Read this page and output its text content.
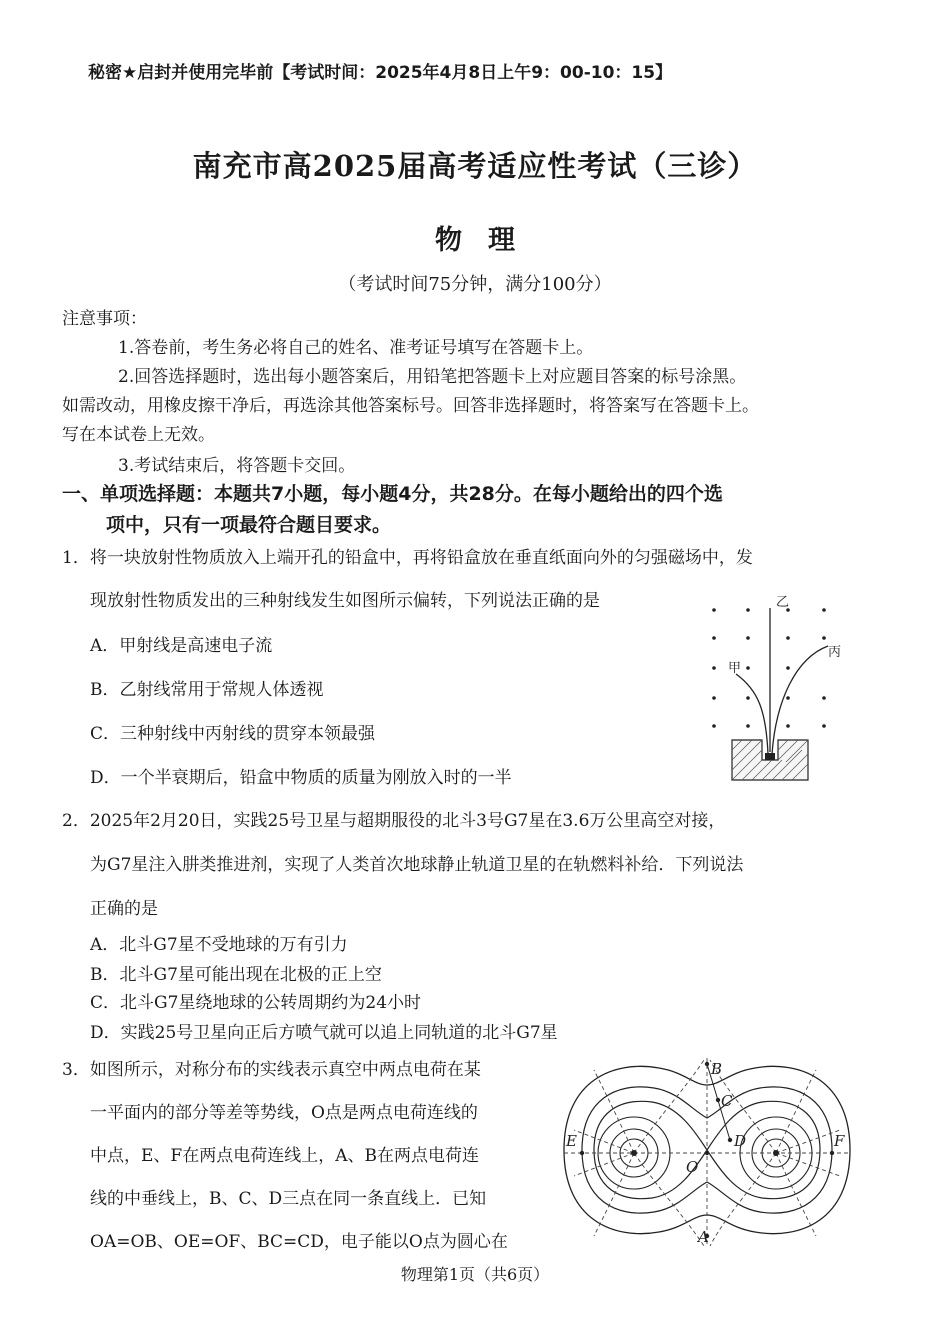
秘密★启封并使用完毕前【考试时间：2025年4月8日上午9：00-10：15】
南充市高2025届高考适应性考试（三诊）
物理
（考试时间75分钟，满分100分）
注意事项：
1.答卷前，考生务必将自己的姓名、准考证号填写在答题卡上。
2.回答选择题时，选出每小题答案后，用铅笔把答题卡上对应题目答案的标号涂黑。
如需改动，用橡皮擦干净后，再选涂其他答案标号。回答非选择题时，将答案写在答题卡上。
写在本试卷上无效。
3.考试结束后，将答题卡交回。
一、单项选择题：本题共7小题，每小题4分，共28分。在每小题给出的四个选
项中，只有一项最符合题目要求。
1．将一块放射性物质放入上端开孔的铅盒中，再将铅盒放在垂直纸面向外的匀强磁场中，发
现放射性物质发出的三种射线发生如图所示偏转，下列说法正确的是
A．甲射线是高速电子流
B．乙射线常用于常规人体透视
C．三种射线中丙射线的贯穿本领最强
D．一个半衰期后，铅盒中物质的质量为刚放入时的一半
甲
乙
丙
2．2025年2月20日，实践25号卫星与超期服役的北斗3号G7星在3.6万公里高空对接，
为G7星注入肼类推进剂，实现了人类首次地球静止轨道卫星的在轨燃料补给．下列说法
正确的是
A．北斗G7星不受地球的万有引力
B．北斗G7星可能出现在北极的正上空
C．北斗G7星绕地球的公转周期约为24小时
D．实践25号卫星向正后方喷气就可以追上同轨道的北斗G7星
3．如图所示，对称分布的实线表示真空中两点电荷在某
一平面内的部分等差等势线，O点是两点电荷连线的
中点，E、F在两点电荷连线上，A、B在两点电荷连
线的中垂线上，B、C、D三点在同一条直线上．已知
OA=OB、OE=OF、BC=CD，电子能以O点为圆心在
O
B
C
D
E	F
A
物理第1页（共6页）
